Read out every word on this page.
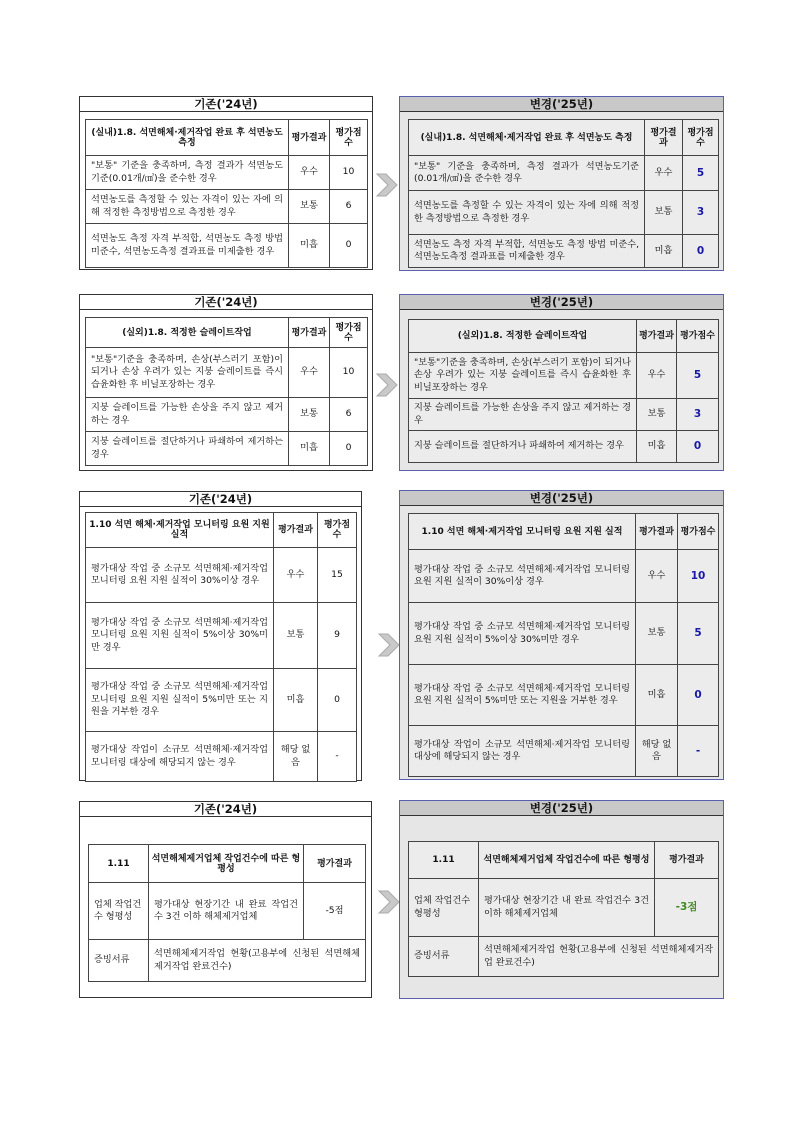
기존('24년)
(실내)1.8. 석면해체·제거작업 완료 후 석면농도 측정	평가결과	평가점수
"보통" 기준을 충족하며, 측정 결과가 석면농도기준(0.01개/㎤)을 준수한 경우	우수	10
석면농도를 측정할 수 있는 자격이 있는 자에 의해 적정한 측정방법으로 측정한 경우	보통	6
석면농도 측정 자격 부적합, 석면농도 측정 방법 미준수, 석면농도측정 결과표를 미제출한 경우	미흡	0
변경('25년)
(실내)1.8. 석면해체·제거작업 완료 후 석면농도 측정	평가결과	평가점수
"보통" 기준을 충족하며, 측정 결과가 석면농도기준(0.01개/㎤)을 준수한 경우	우수	5
석면농도를 측정할 수 있는 자격이 있는 자에 의해 적정한 측정방법으로 측정한 경우	보통	3
석면농도 측정 자격 부적합, 석면농도 측정 방법 미준수, 석면농도측정 결과표를 미제출한 경우	미흡	0
기존('24년)
(실외)1.8. 적정한 슬레이트작업	평가결과	평가점수
"보통"기준을 충족하며, 손상(부스러기 포함)이 되거나 손상 우려가 있는 지붕 슬레이트를 즉시 습윤화한 후 비닐포장하는 경우	우수	10
지붕 슬레이트를 가능한 손상을 주지 않고 제거하는 경우	보통	6
지붕 슬레이트를 절단하거나 파쇄하여 제거하는 경우	미흡	0
변경('25년)
(실외)1.8. 적정한 슬레이트작업	평가결과	평가점수
"보통"기준을 충족하며, 손상(부스러기 포함)이 되거나 손상 우려가 있는 지붕 슬레이트를 즉시 습윤화한 후 비닐포장하는 경우	우수	5
지붕 슬레이트를 가능한 손상을 주지 않고 제거하는 경우	보통	3
지붕 슬레이트를 절단하거나 파쇄하여 제거하는 경우	미흡	0
기존('24년)
1.10 석면 해체·제거작업 모니터링 요원 지원 실적	평가결과	평가점수
평가대상 작업 중 소규모 석면해체·제거작업 모니터링 요원 지원 실적이 30%이상 경우	우수	15
평가대상 작업 중 소규모 석면해체·제거작업 모니터링 요원 지원 실적이 5%이상 30%미만 경우	보통	9
평가대상 작업 중 소규모 석면해체·제거작업 모니터링 요원 지원 실적이 5%미만 또는 지원을 거부한 경우	미흡	0
평가대상 작업이 소규모 석면해체·제거작업 모니터링 대상에 해당되지 않는 경우	해당 없음	-
변경('25년)
1.10 석면 해체·제거작업 모니터링 요원 지원 실적	평가결과	평가점수
평가대상 작업 중 소규모 석면해체·제거작업 모니터링 요원 지원 실적이 30%이상 경우	우수	10
평가대상 작업 중 소규모 석면해체·제거작업 모니터링 요원 지원 실적이 5%이상 30%미만 경우	보통	5
평가대상 작업 중 소규모 석면해체·제거작업 모니터링 요원 지원 실적이 5%미만 또는 지원을 거부한 경우	미흡	0
평가대상 작업이 소규모 석면해체·제거작업 모니터링 대상에 해당되지 않는 경우	해당 없음	-
기존('24년)
1.11	석면해체제거업체 작업건수에 따른 형평성	평가결과
업체 작업건수 형평성	평가대상 현장기간 내 완료 작업건수 3건 이하 해체제거업체	-5점
증빙서류	석면해체제거작업 현황(고용부에 신청된 석면해체제거작업 완료건수)	
변경('25년)
1.11	석면해체제거업체 작업건수에 따른 형평성	평가결과
업체 작업건수 형평성	평가대상 현장기간 내 완료 작업건수 3건 이하 해체제거업체	-3점
증빙서류	석면해체제거작업 현황(고용부에 신청된 석면해체제거작업 완료건수)	
